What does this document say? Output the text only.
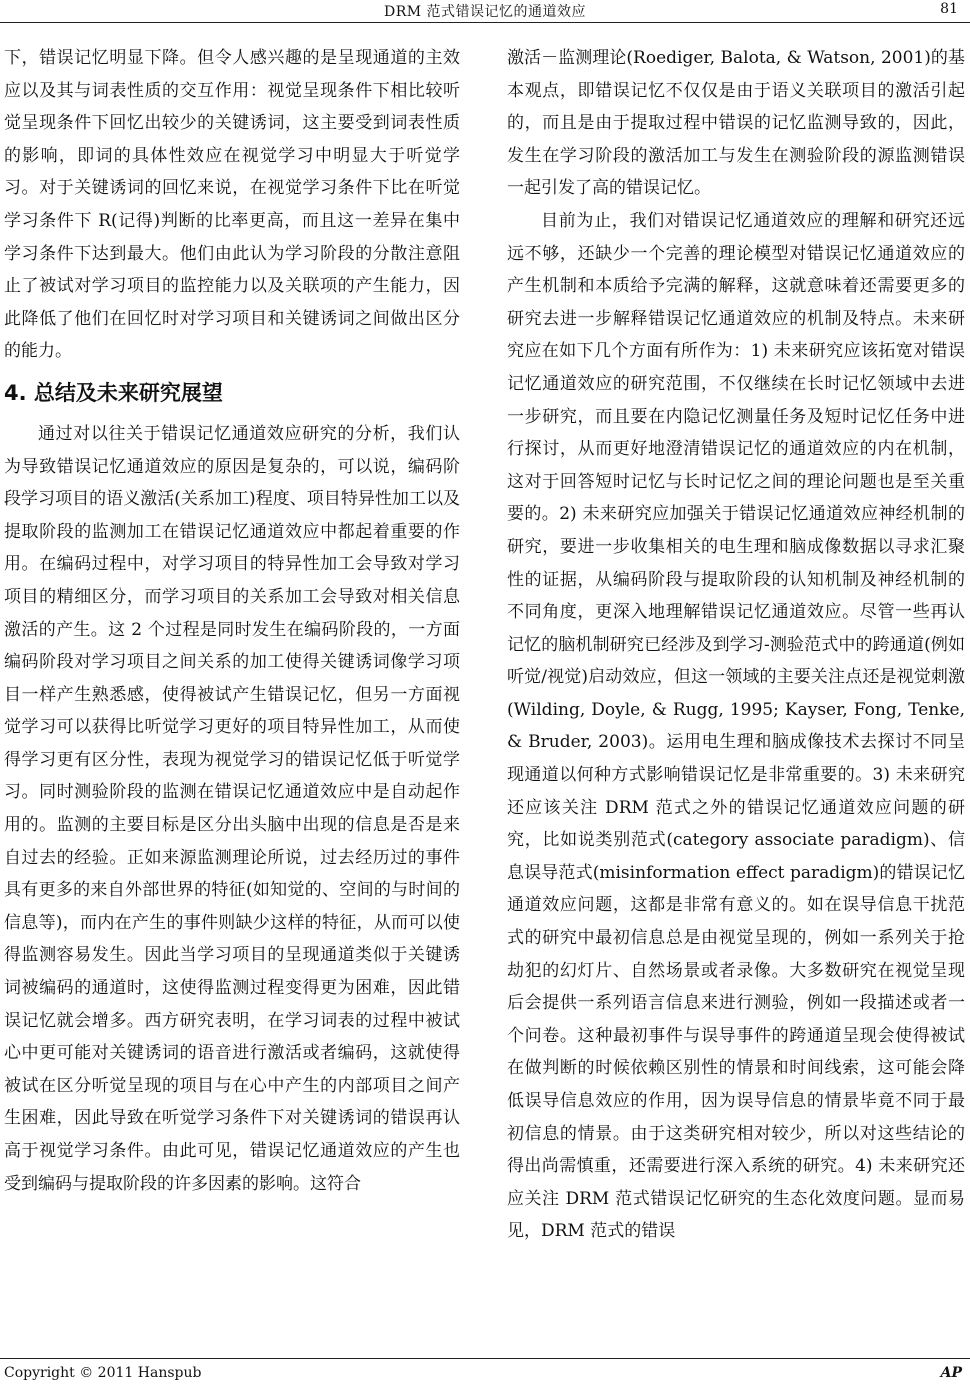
DRM 范式错误记忆的通道效应	81

下，错误记忆明显下降。但令人感兴趣的是呈现通道的主效应以及其与词表性质的交互作用：视觉呈现条件下相比较听觉呈现条件下回忆出较少的关键诱词，这主要受到词表性质的影响，即词的具体性效应在视觉学习中明显大于听觉学习。对于关键诱词的回忆来说，在视觉学习条件下比在听觉学习条件下 R(记得)判断的比率更高，而且这一差异在集中学习条件下达到最大。他们由此认为学习阶段的分散注意阻止了被试对学习项目的监控能力以及关联项的产生能力，因此降低了他们在回忆时对学习项目和关键诱词之间做出区分的能力。

4. 总结及未来研究展望

通过对以往关于错误记忆通道效应研究的分析，我们认为导致错误记忆通道效应的原因是复杂的，可以说，编码阶段学习项目的语义激活(关系加工)程度、项目特异性加工以及提取阶段的监测加工在错误记忆通道效应中都起着重要的作用。在编码过程中，对学习项目的特异性加工会导致对学习项目的精细区分，而学习项目的关系加工会导致对相关信息激活的产生。这 2 个过程是同时发生在编码阶段的，一方面编码阶段对学习项目之间关系的加工使得关键诱词像学习项目一样产生熟悉感，使得被试产生错误记忆，但另一方面视觉学习可以获得比听觉学习更好的项目特异性加工，从而使得学习更有区分性，表现为视觉学习的错误记忆低于听觉学习。同时测验阶段的监测在错误记忆通道效应中是自动起作用的。监测的主要目标是区分出头脑中出现的信息是否是来自过去的经验。正如来源监测理论所说，过去经历过的事件具有更多的来自外部世界的特征(如知觉的、空间的与时间的信息等)，而内在产生的事件则缺少这样的特征，从而可以使得监测容易发生。因此当学习项目的呈现通道类似于关键诱词被编码的通道时，这使得监测过程变得更为困难，因此错误记忆就会增多。西方研究表明，在学习词表的过程中被试心中更可能对关键诱词的语音进行激活或者编码，这就使得被试在区分听觉呈现的项目与在心中产生的内部项目之间产生困难，因此导致在听觉学习条件下对关键诱词的错误再认高于视觉学习条件。由此可见，错误记忆通道效应的产生也受到编码与提取阶段的许多因素的影响。这符合

激活－监测理论(Roediger, Balota, & Watson, 2001)的基本观点，即错误记忆不仅仅是由于语义关联项目的激活引起的，而且是由于提取过程中错误的记忆监测导致的，因此，发生在学习阶段的激活加工与发生在测验阶段的源监测错误一起引发了高的错误记忆。

目前为止，我们对错误记忆通道效应的理解和研究还远远不够，还缺少一个完善的理论模型对错误记忆通道效应的产生机制和本质给予完满的解释，这就意味着还需要更多的研究去进一步解释错误记忆通道效应的机制及特点。未来研究应在如下几个方面有所作为：1) 未来研究应该拓宽对错误记忆通道效应的研究范围，不仅继续在长时记忆领域中去进一步研究，而且要在内隐记忆测量任务及短时记忆任务中进行探讨，从而更好地澄清错误记忆的通道效应的内在机制，这对于回答短时记忆与长时记忆之间的理论问题也是至关重要的。2) 未来研究应加强关于错误记忆通道效应神经机制的研究，要进一步收集相关的电生理和脑成像数据以寻求汇聚性的证据，从编码阶段与提取阶段的认知机制及神经机制的不同角度，更深入地理解错误记忆通道效应。尽管一些再认记忆的脑机制研究已经涉及到学习-测验范式中的跨通道(例如听觉/视觉)启动效应，但这一领域的主要关注点还是视觉刺激(Wilding, Doyle, & Rugg, 1995; Kayser, Fong, Tenke, & Bruder, 2003)。运用电生理和脑成像技术去探讨不同呈现通道以何种方式影响错误记忆是非常重要的。3) 未来研究还应该关注 DRM 范式之外的错误记忆通道效应问题的研究，比如说类别范式(category associate paradigm)、信息误导范式(misinformation effect paradigm)的错误记忆通道效应问题，这都是非常有意义的。如在误导信息干扰范式的研究中最初信息总是由视觉呈现的，例如一系列关于抢劫犯的幻灯片、自然场景或者录像。大多数研究在视觉呈现后会提供一系列语言信息来进行测验，例如一段描述或者一个问卷。这种最初事件与误导事件的跨通道呈现会使得被试在做判断的时候依赖区别性的情景和时间线索，这可能会降低误导信息效应的作用，因为误导信息的情景毕竟不同于最初信息的情景。由于这类研究相对较少，所以对这些结论的得出尚需慎重，还需要进行深入系统的研究。4) 未来研究还应关注 DRM 范式错误记忆研究的生态化效度问题。显而易见，DRM 范式的错误

Copyright © 2011 Hanspub	AP
